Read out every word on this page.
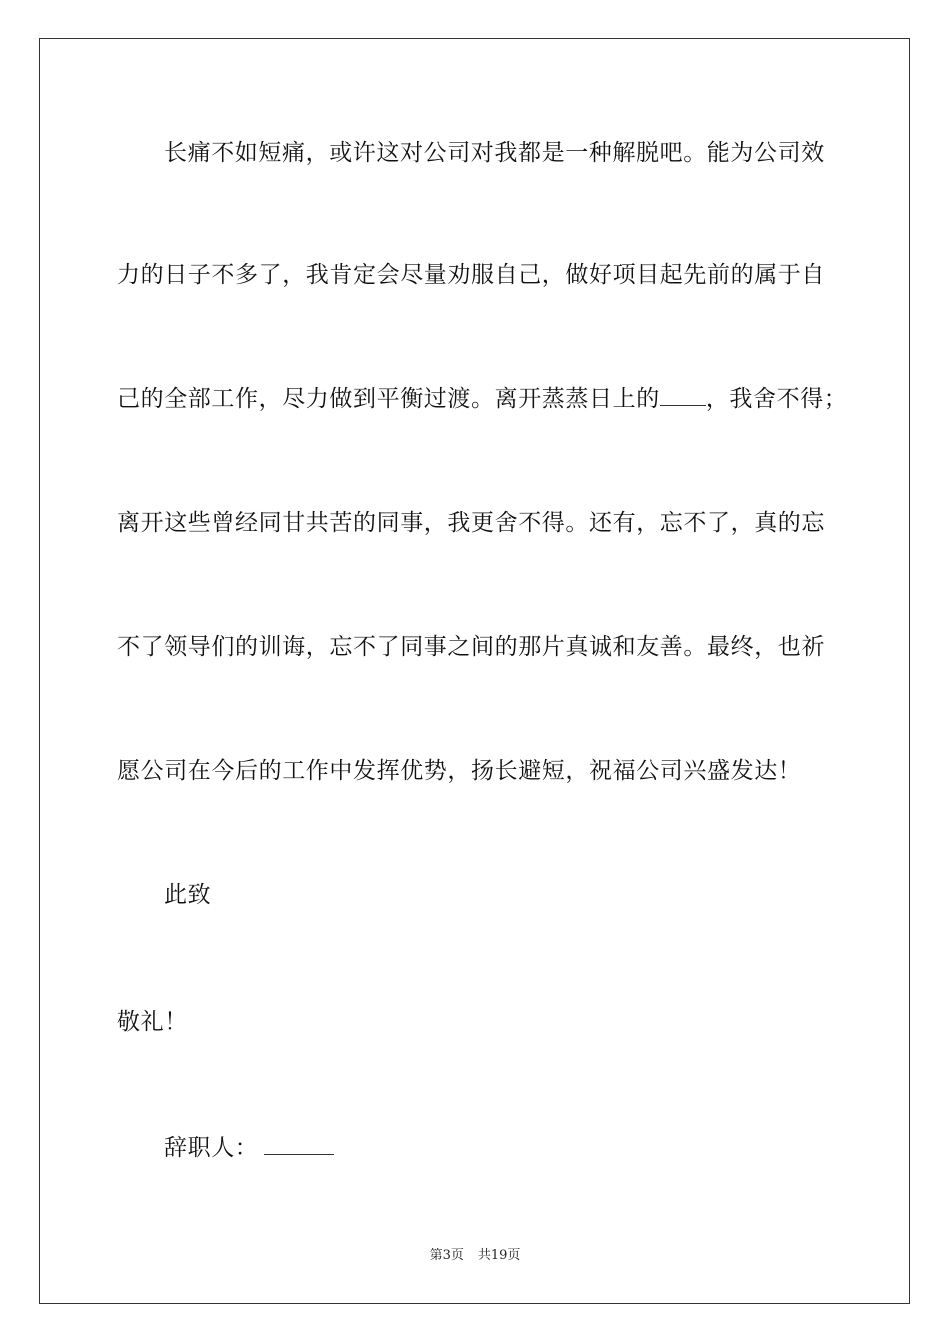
长痛不如短痛，或许这对公司对我都是一种解脱吧。能为公司效
力的日子不多了，我肯定会尽量劝服自己，做好项目起先前的属于自
己的全部工作，尽力做到平衡过渡。离开蒸蒸日上的 ，我舍不得；
离开这些曾经同甘共苦的同事，我更舍不得。还有，忘不了，真的忘
不了领导们的训诲，忘不了同事之间的那片真诚和友善。最终，也祈
愿公司在今后的工作中发挥优势，扬长避短，祝福公司兴盛发达！
此致
敬礼！
辞职人：
第3页 共19页
